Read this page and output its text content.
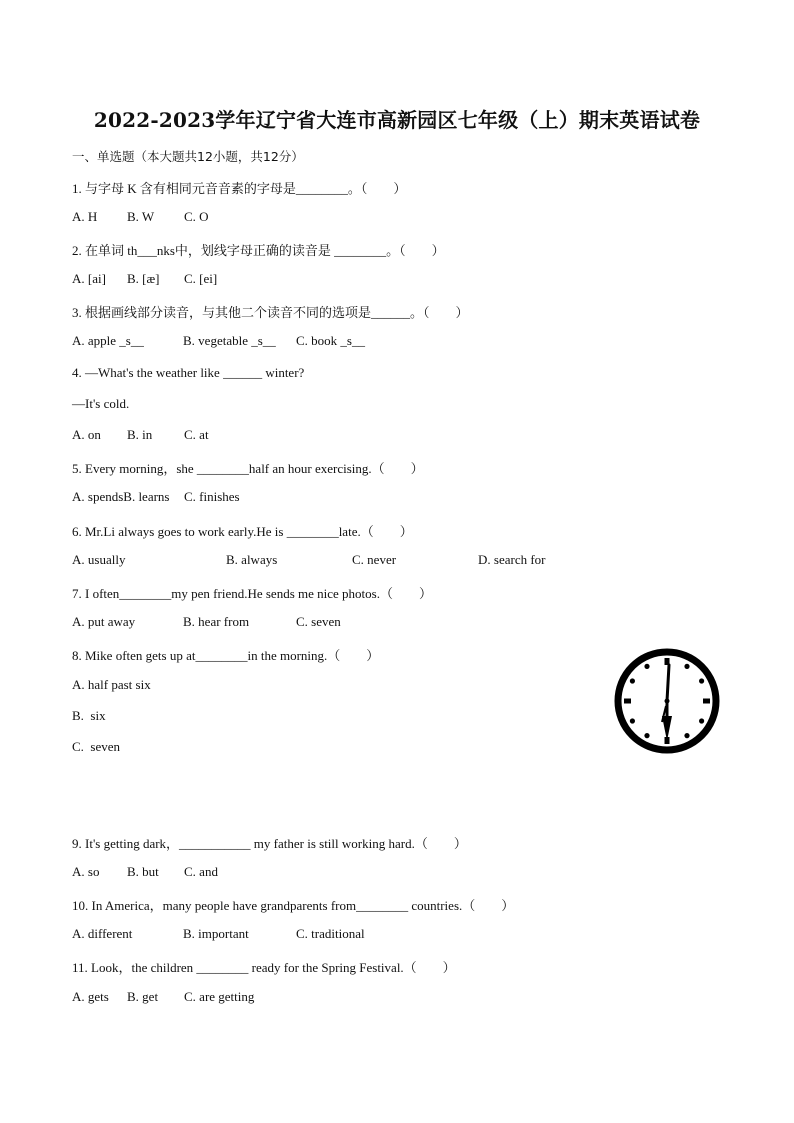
2022-2023学年辽宁省大连市高新园区七年级（上）期末英语试卷
一、单选题（本大题共12小题，共12分）
1. 与字母 K 含有相同元音音素的字母是________。（　　）
A. H B. W C. O
2. 在单词 th___nks中，划线字母正确的读音是 ________。（　　）
A. [ai] B. [æ] C. [ei]
3. 根据画线部分读音，与其他二个读音不同的选项是______。（　　）
A. apple _s__	B. vegetable _s__ C. book _s__
4. —What's the weather like ______ winter?
—It's cold.
A. on B. in C. at
5. Every morning，she ________half an hour exercising.（　　）
A. spendsB. learns C. finishes
6. Mr.Li always goes to work early.He is ________late.（　　）
A. usually	B. always	C. never	D. search for
7. I often________my pen friend.He sends me nice photos.（　　）
A. put away	B. hear from	C. seven
8. Mike often gets up at________in the morning.（　　）
A. half past six
B.  six
C.  seven
9. It's getting dark，___________ my father is still working hard.（　　）
A. so B. but C. and
10. In America，many people have grandparents from________ countries.（　　）
A. different	B. important	C. traditional
11. Look，the children ________ ready for the Spring Festival.（　　）
A. gets B. get C. are getting
